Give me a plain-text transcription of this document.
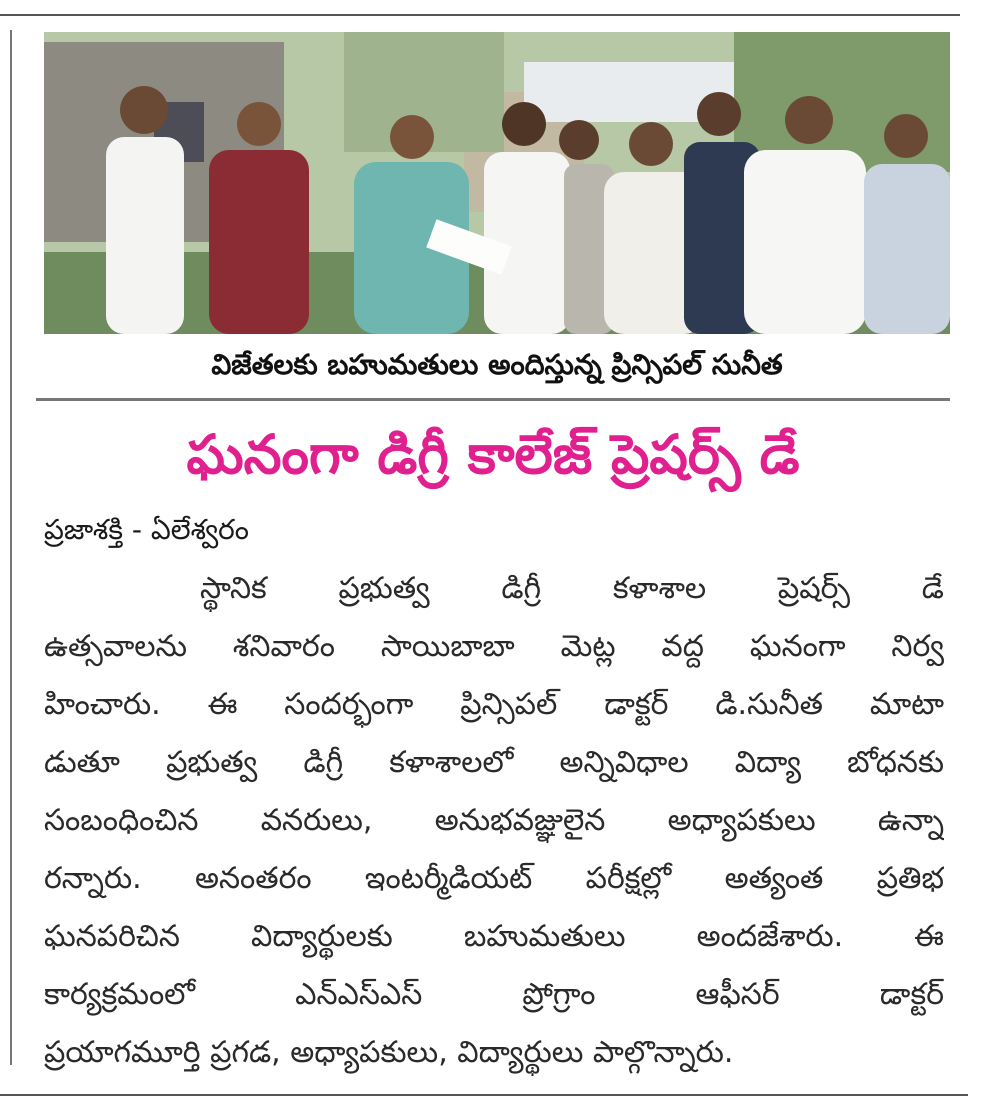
విజేతలకు బహుమతులు అందిస్తున్న ప్రిన్సిపల్ సునీత
ఘనంగా డిగ్రీ కాలేజ్ ప్రెషర్స్ డే
ప్రజాశక్తి - ఏలేశ్వరం
స్థానిక ప్రభుత్వ డిగ్రీ కళాశాల ప్రెషర్స్ డే
ఉత్సవాలను శనివారం సాయిబాబా మెట్ల వద్ద ఘనంగా నిర్వ
హించారు. ఈ సందర్భంగా ప్రిన్సిపల్ డాక్టర్ డి.సునీత మాటా
డుతూ ప్రభుత్వ డిగ్రీ కళాశాలలో అన్నివిధాల విద్యా బోధనకు
సంబంధించిన వనరులు, అనుభవజ్ఞులైన అధ్యాపకులు ఉన్నా
రన్నారు. అనంతరం ఇంటర్మీడియట్ పరీక్షల్లో అత్యంత ప్రతిభ
ఘనపరిచిన విద్యార్థులకు బహుమతులు అందజేశారు. ఈ
కార్యక్రమంలో ఎన్ఎస్ఎస్ ప్రోగ్రాం ఆఫీసర్ డాక్టర్
ప్రయాగమూర్తి ప్రగడ, అధ్యాపకులు, విద్యార్థులు పాల్గొన్నారు.
